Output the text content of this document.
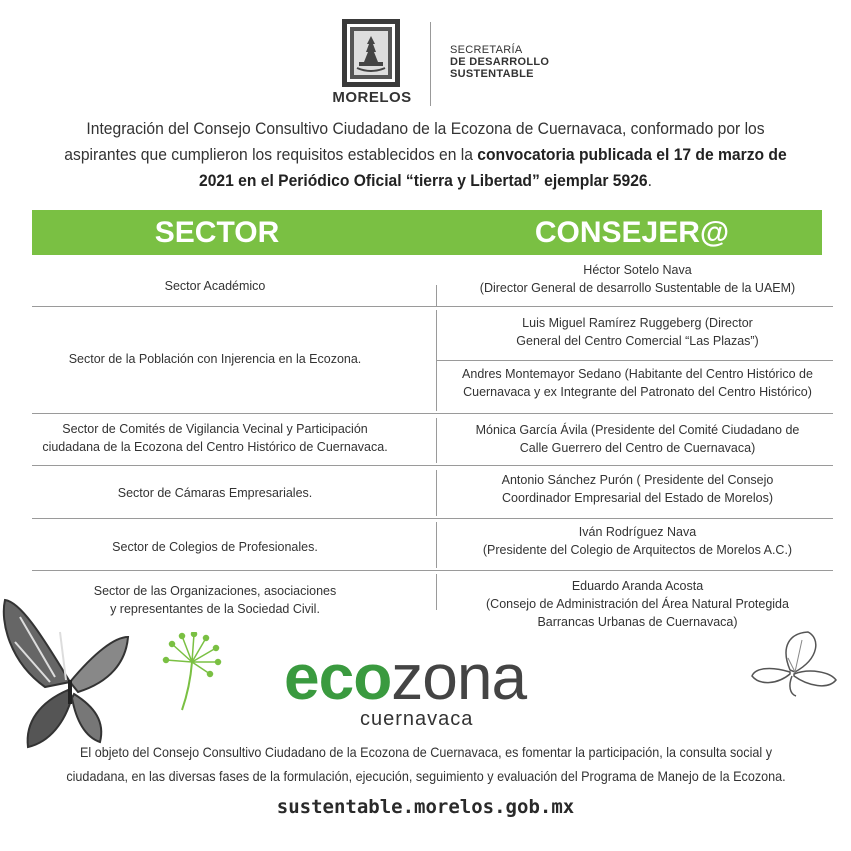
MORELOS
SECRETARÍA
DE DESARROLLO
SUSTENTABLE
Integración del Consejo Consultivo Ciudadano de la Ecozona de Cuernavaca, conformado por los aspirantes que cumplieron los requisitos establecidos en la convocatoria publicada el 17 de marzo de 2021 en el Periódico Oficial “tierra y Libertad” ejemplar 5926.
SECTOR	CONSEJER@
Sector Académico
Héctor Sotelo Nava
(Director General de desarrollo Sustentable de la UAEM)
Sector de la Población con Injerencia en la Ecozona.
Luis Miguel Ramírez Ruggeberg (Director
General del Centro Comercial “Las Plazas”)
Andres Montemayor Sedano (Habitante del Centro Histórico de
Cuernavaca y ex Integrante del Patronato del Centro Histórico)
Sector de Comités de Vigilancia Vecinal y Participación
ciudadana de la Ecozona del Centro Histórico de Cuernavaca.
Mónica García Ávila (Presidente del Comité Ciudadano de
Calle Guerrero del Centro de Cuernavaca)
Sector de Cámaras Empresariales.
Antonio Sánchez Purón ( Presidente del Consejo
Coordinador Empresarial del Estado de Morelos)
Sector de Colegios de Profesionales.
Iván Rodríguez Nava
(Presidente del Colegio de Arquitectos de Morelos A.C.)
Sector de las Organizaciones, asociaciones
y representantes de la Sociedad Civil.
Eduardo Aranda Acosta
(Consejo de Administración del Área Natural Protegida
Barrancas Urbanas de Cuernavaca)
ecozona
cuernavaca
El objeto del Consejo Consultivo Ciudadano de la Ecozona de Cuernavaca, es fomentar la participación, la consulta social y ciudadana, en las diversas fases de la formulación, ejecución, seguimiento y evaluación del Programa de Manejo de la Ecozona.
sustentable.morelos.gob.mx
